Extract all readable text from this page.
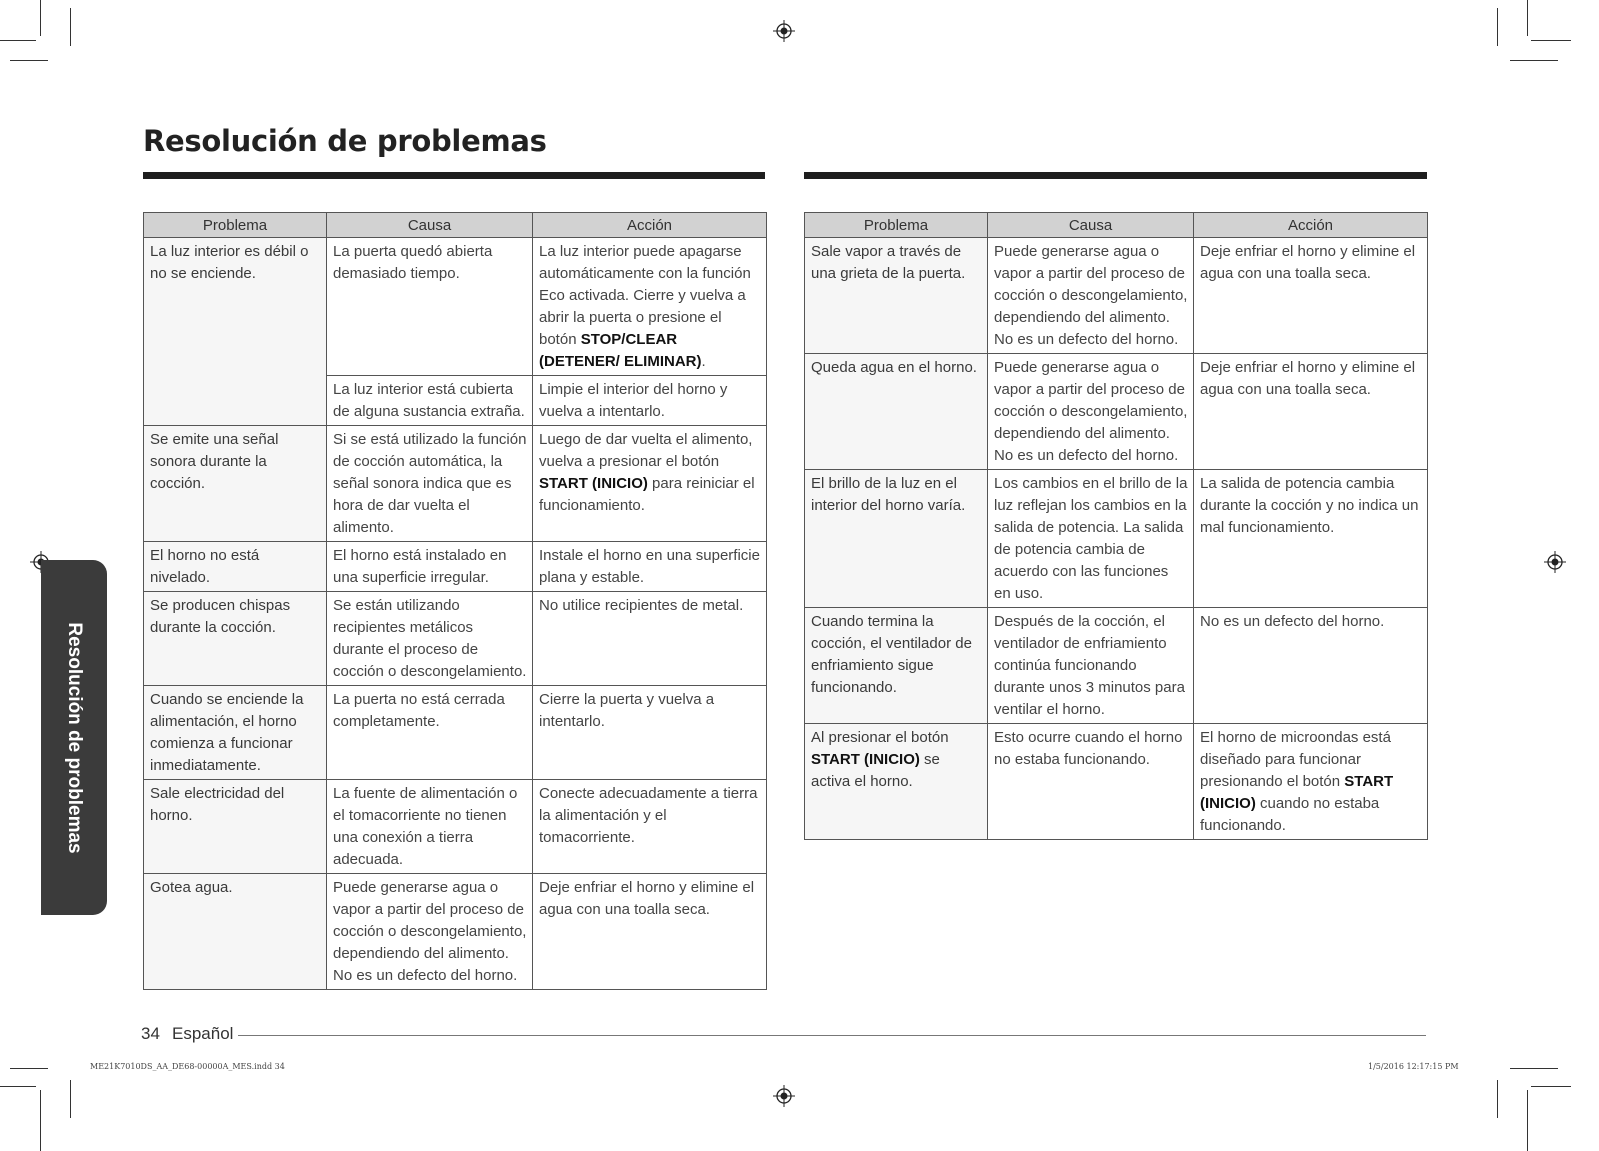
Resolución de problemas
Resolución de problemas
Problema	Causa	Acción
La luz interior es débil o no se enciende.	La puerta quedó abierta demasiado tiempo.	La luz interior puede apagarse automáticamente con la función Eco activada. Cierre y vuelva a abrir la puerta o presione el botón STOP/CLEAR (DETENER/ ELIMINAR).
	La luz interior está cubierta de alguna sustancia extraña.	Limpie el interior del horno y vuelva a intentarlo.
Se emite una señal sonora durante la cocción.	Si se está utilizado la función de cocción automática, la señal sonora indica que es hora de dar vuelta el alimento.	Luego de dar vuelta el alimento, vuelva a presionar el botón START (INICIO) para reiniciar el funcionamiento.
El horno no está nivelado.	El horno está instalado en una superficie irregular.	Instale el horno en una superficie plana y estable.
Se producen chispas durante la cocción.	Se están utilizando recipientes metálicos durante el proceso de cocción o descongelamiento.	No utilice recipientes de metal.
Cuando se enciende la alimentación, el horno comienza a funcionar inmediatamente.	La puerta no está cerrada completamente.	Cierre la puerta y vuelva a intentarlo.
Sale electricidad del horno.	La fuente de alimentación o el tomacorriente no tienen una conexión a tierra adecuada.	Conecte adecuadamente a tierra la alimentación y el tomacorriente.
Gotea agua.	Puede generarse agua o vapor a partir del proceso de cocción o descongelamiento, dependiendo del alimento. No es un defecto del horno.	Deje enfriar el horno y elimine el agua con una toalla seca.
Problema	Causa	Acción
Sale vapor a través de una grieta de la puerta.	Puede generarse agua o vapor a partir del proceso de cocción o descongelamiento, dependiendo del alimento. No es un defecto del horno.	Deje enfriar el horno y elimine el agua con una toalla seca.
Queda agua en el horno.	Puede generarse agua o vapor a partir del proceso de cocción o descongelamiento, dependiendo del alimento. No es un defecto del horno.	Deje enfriar el horno y elimine el agua con una toalla seca.
El brillo de la luz en el interior del horno varía.	Los cambios en el brillo de la luz reflejan los cambios en la salida de potencia. La salida de potencia cambia de acuerdo con las funciones en uso.	La salida de potencia cambia durante la cocción y no indica un mal funcionamiento.
Cuando termina la cocción, el ventilador de enfriamiento sigue funcionando.	Después de la cocción, el ventilador de enfriamiento continúa funcionando durante unos 3 minutos para ventilar el horno.	No es un defecto del horno.
Al presionar el botón START (INICIO) se activa el horno.	Esto ocurre cuando el horno no estaba funcionando.	El horno de microondas está diseñado para funcionar presionando el botón START (INICIO) cuando no estaba funcionando.
34 Español
ME21K7010DS_AA_DE68-00000A_MES.indd 34	1/5/2016 12:17:15 PM
